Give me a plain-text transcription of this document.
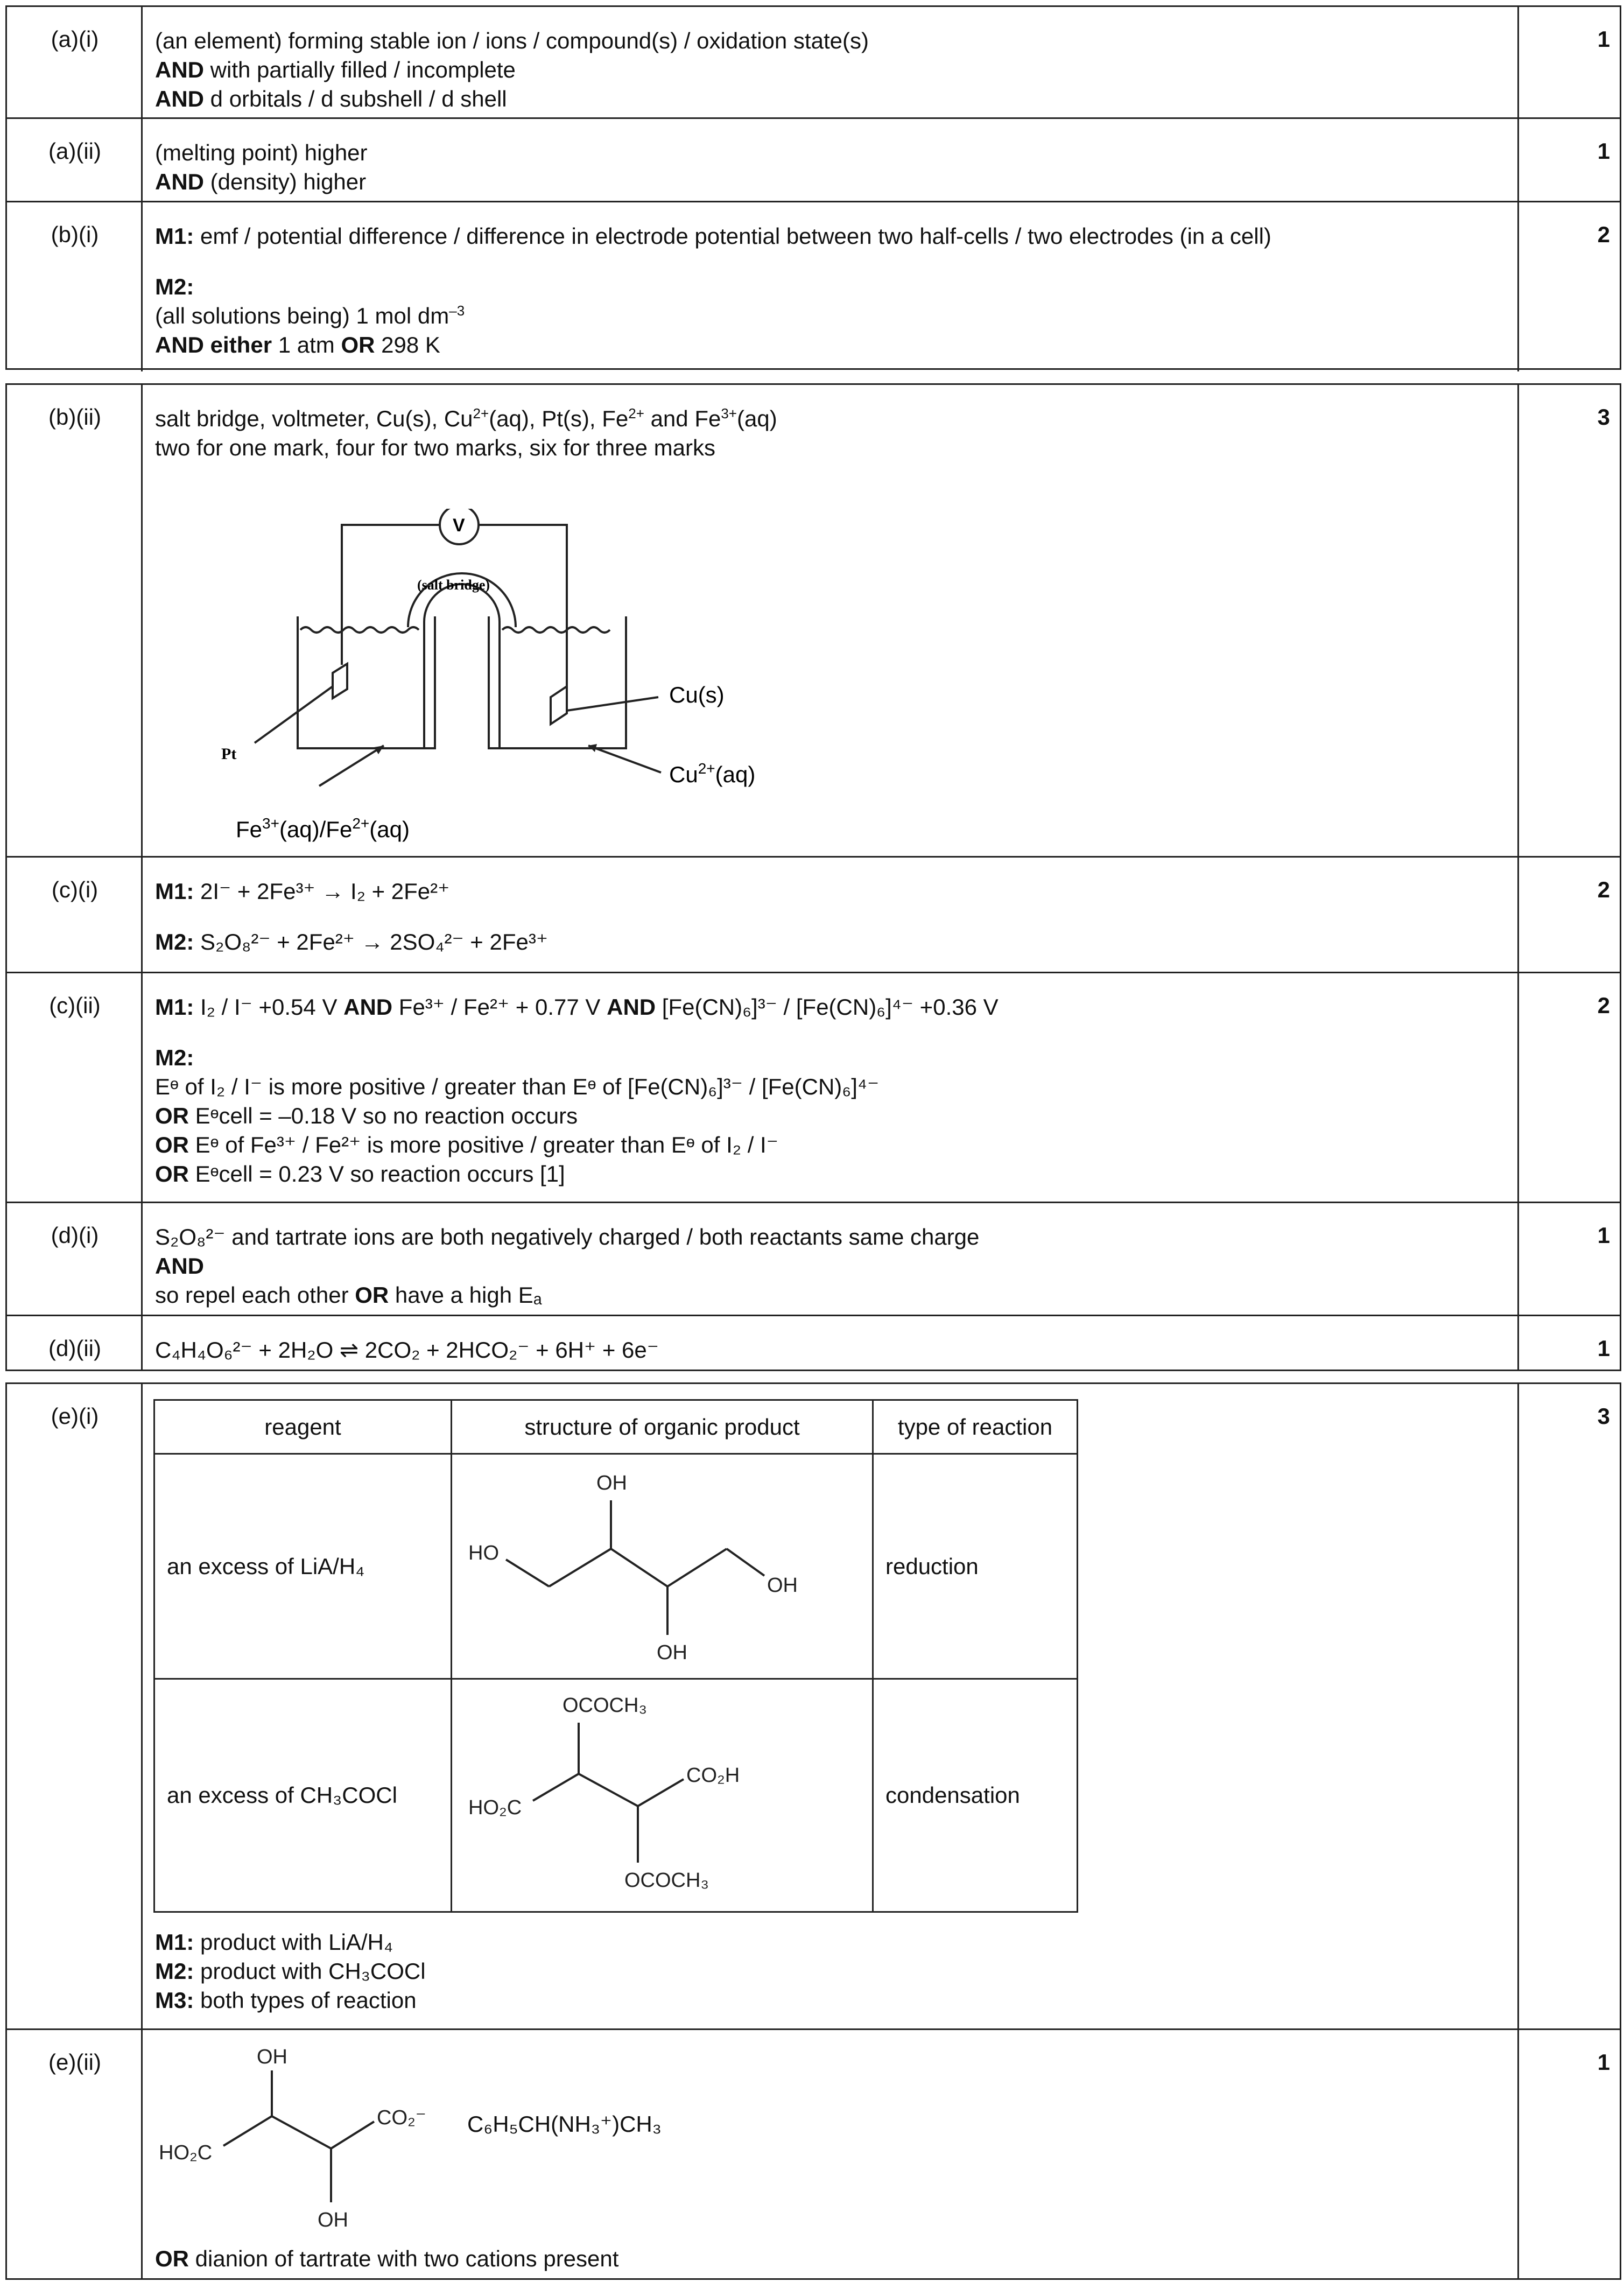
(a)(i)	1

(an element) forming stable ion / ions / compound(s) / oxidation state(s)

AND with partially filled / incomplete

AND d orbitals / d subshell / d shell

(a)(ii)	1

(melting point) higher

AND (density) higher

(b)(i)	2

M1: emf / potential difference / difference in electrode potential between two half-cells / two electrodes (in a cell)

M2:

(all solutions being) 1 mol $dm^{-3}$

AND either 1 atm OR 298 K

(b)(ii)	3

salt bridge, voltmeter, Cu(s), $Cu^{2+}(aq)$, Pt(s), $Fe^{2+}$ and $Fe^{3+}(aq)$

two for one mark, four for two marks, six for three marks

V
(salt bridge)
Pt
Cu(s)
$Cu^{2+}(aq)$
$Fe^{3+}(aq)/Fe^{2+}(aq)$
(c)(i)	2

M1: 2I⁻ + 2Fe³⁺ → I₂ + 2Fe²⁺

M2: S₂O₈²⁻ + 2Fe²⁺ → 2SO₄²⁻ + 2Fe³⁺

(c)(ii)	2

M1: I₂ / I⁻ +0.54 V AND Fe³⁺ / Fe²⁺ + 0.77 V AND [Fe(CN)₆]³⁻ / [Fe(CN)₆]⁴⁻ +0.36 V

M2:

Eᶱ of I₂ / I⁻ is more positive / greater than Eᶱ of [Fe(CN)₆]³⁻ / [Fe(CN)₆]⁴⁻

OR Eᶱcell = –0.18 V so no reaction occurs

OR Eᶱ of Fe³⁺ / Fe²⁺ is more positive / greater than Eᶱ of I₂ / I⁻

OR Eᶱcell = 0.23 V so reaction occurs [1]

(d)(i)	1

S₂O₈²⁻ and tartrate ions are both negatively charged / both reactants same charge

AND

so repel each other OR have a high Eₐ

(d)(ii)	1

C₄H₄O₆²⁻ + 2H₂O ⇌ 2CO₂ + 2HCO₂⁻ + 6H⁺ + 6e⁻

(e)(i)	3
reagent	structure of organic product	type of reaction
an excess of LiA/H₄	OH
HO
OH
OH	reduction
an excess of CH₃COCl	OCOCH₃
HO₂C
CO₂H
OCOCH₃	condensation

M1: product with LiA/H₄

M2: product with CH₃COCl

M3: both types of reaction

(e)(ii)	1
OH
HO₂C
CO₂⁻
OH
C₆H₅CH(NH₃⁺)CH₃

OR dianion of tartrate with two cations present
